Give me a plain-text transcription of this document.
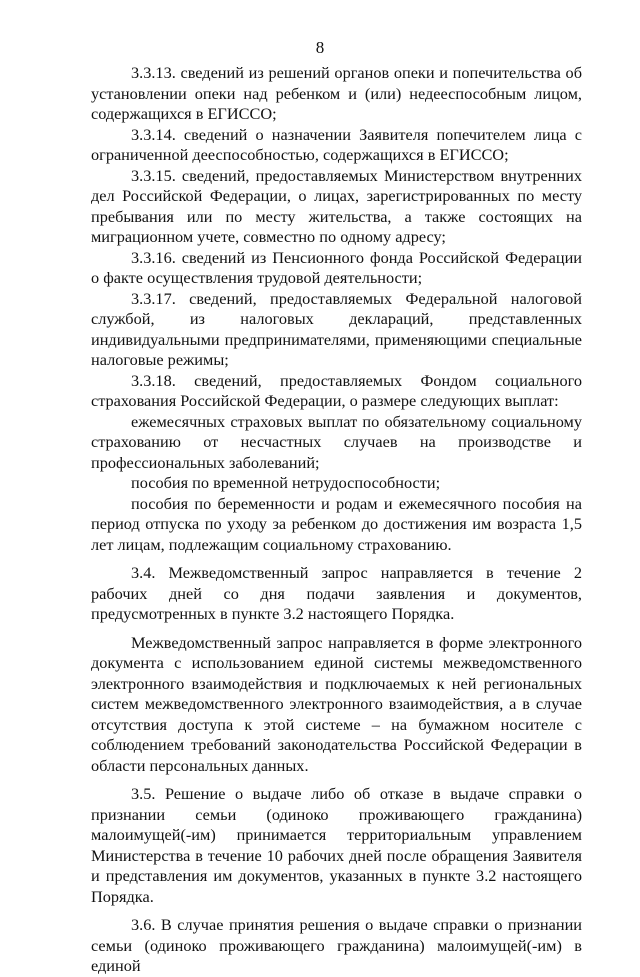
8

3.3.13. сведений из решений органов опеки и попечительства об установлении опеки над ребенком и (или) недееспособным лицом, содержащихся в ЕГИССО;

3.3.14. сведений о назначении Заявителя попечителем лица с ограниченной дееспособностью, содержащихся в ЕГИССО;

3.3.15. сведений, предоставляемых Министерством внутренних дел Российской Федерации, о лицах, зарегистрированных по месту пребывания или по месту жительства, а также состоящих на миграционном учете, совместно по одному адресу;

3.3.16. сведений из Пенсионного фонда Российской Федерации о факте осуществления трудовой деятельности;

3.3.17. сведений, предоставляемых Федеральной налоговой службой, из налоговых деклараций, представленных индивидуальными предпринимателями, применяющими специальные налоговые режимы;

3.3.18. сведений, предоставляемых Фондом социального страхования Российской Федерации, о размере следующих выплат:

ежемесячных страховых выплат по обязательному социальному страхованию от несчастных случаев на производстве и профессиональных заболеваний;

пособия по временной нетрудоспособности;

пособия по беременности и родам и ежемесячного пособия на период отпуска по уходу за ребенком до достижения им возраста 1,5 лет лицам, подлежащим социальному страхованию.

3.4. Межведомственный запрос направляется в течение 2 рабочих дней со дня подачи заявления и документов, предусмотренных в пункте 3.2 настоящего Порядка.

Межведомственный запрос направляется в форме электронного документа с использованием единой системы межведомственного электронного взаимодействия и подключаемых к ней региональных систем межведомственного электронного взаимодействия, а в случае отсутствия доступа к этой системе – на бумажном носителе с соблюдением требований законодательства Российской Федерации в области персональных данных.

3.5. Решение о выдаче либо об отказе в выдаче справки о признании семьи (одиноко проживающего гражданина) малоимущей(-им) принимается территориальным управлением Министерства в течение 10 рабочих дней после обращения Заявителя и представления им документов, указанных в пункте 3.2 настоящего Порядка.

3.6. В случае принятия решения о выдаче справки о признании семьи (одиноко проживающего гражданина) малоимущей(-им) в единой
